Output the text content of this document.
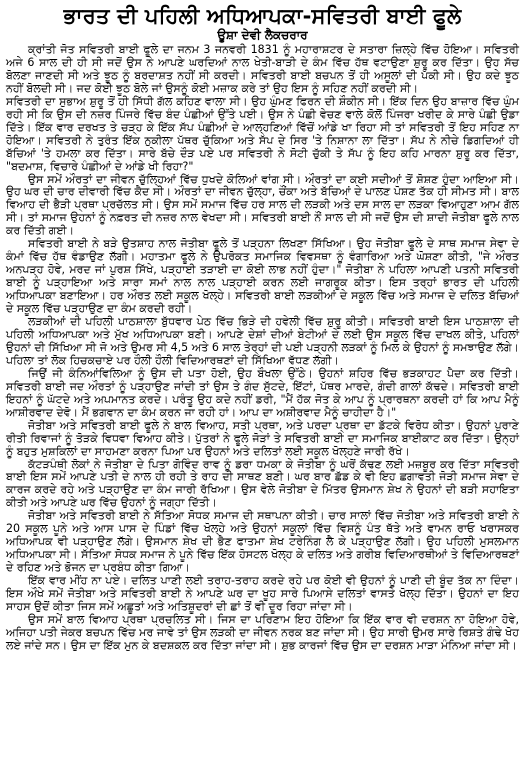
ਭਾਰਤ ਦੀ ਪਹਿਲੀ ਅਧਿਆਪਕਾ-ਸਵਿਤਰੀ ਬਾਈ ਫੂਲੇ
ਊਸ਼ਾ ਦੇਵੀ ਲੈਕਚਰਾਰ

ਕ੍ਰਾਂਤੀ ਜੋਤ ਸਵਿਤਰੀ ਬਾਈ ਫੂਲੇ ਦਾ ਜਨਮ 3 ਜਨਵਰੀ 1831 ਨੂੰ ਮਹਾਰਾਸ਼ਟਰ ਦੇ ਸਤਾਰਾ ਜ਼ਿਲ੍ਹੇ ਵਿੱਚ ਹੋਇਆ। ਸਵਿਤਰੀ ਅਜੇ 6 ਸਾਲ ਦੀ ਹੀ ਸੀ ਜਦੋਂ ਉਸ ਨੇ ਆਪਣੇ ਘਰਦਿਆਂ ਨਾਲ ਖੇਤੀ-ਬਾੜੀ ਦੇ ਕੰਮ ਵਿੱਚ ਹੱਥ ਵਟਾਉਣਾ ਸ਼ੁਰੂ ਕਰ ਦਿੱਤਾ। ਉਹ ਸੱਚ ਬੋਲਣਾ ਜਾਣਦੀ ਸੀ ਅਤੇ ਝੂਠ ਨੂੰ ਬਰਦਾਸ਼ਤ ਨਹੀਂ ਸੀ ਕਰਦੀ। ਸਵਿਤਰੀ ਬਾਈ ਬਚਪਨ ਤੋਂ ਹੀ ਅਸੂਲਾਂ ਦੀ ਪੱਕੀ ਸੀ। ਉਹ ਕਦੇ ਝੂਠ ਨਹੀਂ ਬੋਲਦੀ ਸੀ। ਜਦ ਕੋਈ ਝੂਠ ਬੋਲੇ ਜਾਂ ਉਸਨੂੰ ਕੋਈ ਮਜ਼ਾਕ ਕਰੇ ਤਾਂ ਉਹ ਇਸ ਨੂੰ ਸਹਿਣ ਨਹੀਂ ਕਰਦੀ ਸੀ।

ਸਵਿਤਰੀ ਦਾ ਸੁਭਾਅ ਸ਼ੁਰੂ ਤੋਂ ਹੀ ਸਿੱਧੀ ਗੱਲ ਕਹਿਣ ਵਾਲਾ ਸੀ। ਉਹ ਘੁੰਮਣ ਫਿਰਨ ਦੀ ਸ਼ੌਕੀਨ ਸੀ। ਇੱਕ ਦਿਨ ਉਹ ਬਾਜ਼ਾਰ ਵਿੱਚ ਘੁੰਮ ਰਹੀ ਸੀ ਕਿ ਉਸ ਦੀ ਨਜ਼ਰ ਪਿੰਜਰੇ ਵਿੱਚ ਬੰਦ ਪੰਛੀਆਂ ਉੱਤੇ ਪਈ। ਉਸ ਨੇ ਪੰਛੀ ਵੇਚਣ ਵਾਲੇ ਕੋਲੋਂ ਪਿੰਜਰਾ ਖਰੀਦ ਕੇ ਸਾਰੇ ਪੰਛੀ ਉਡਾ ਦਿੱਤੇ। ਇੱਕ ਵਾਰ ਦਰਖਤ ਤੇ ਚੜ੍ਹ ਕੇ ਇੱਕ ਸੱਪ ਪੰਛੀਆਂ ਦੇ ਆਲ੍ਹਣਿਆਂ ਵਿੱਚੋਂ ਆਂਡੇ ਖਾ ਰਿਹਾ ਸੀ ਤਾਂ ਸਵਿਤਰੀ ਤੋਂ ਇਹ ਸਹਿਣ ਨਾ ਹੋਇਆ। ਸਵਿਤਰੀ ਨੇ ਤੁਰੰਤ ਇੱਕ ਨੁਕੀਲਾ ਪੱਥਰ ਚੁੱਕਿਆ ਅਤੇ ਸੱਪ ਦੇ ਸਿਰ 'ਤੇ ਨਿਸ਼ਾਨਾ ਲਾ ਦਿੱਤਾ। ਸੱਪ ਨੇ ਨੀਚੇ ਡਿਗਦਿਆਂ ਹੀ ਬੱਚਿਆਂ 'ਤੇ ਹਮਲਾ ਕਰ ਦਿੱਤਾ। ਸਾਰੇ ਬੱਚੇ ਦੌੜ ਪਏ ਪਰ ਸਵਿਤਰੀ ਨੇ ਸੋਟੀ ਚੁੱਕੀ ਤੇ ਸੱਪ ਨੂੰ ਇਹ ਕਹਿ ਮਾਰਨਾ ਸ਼ੁਰੂ ਕਰ ਦਿੱਤਾ, "ਬਦਮਾਸ਼, ਵਿਚਾਰੇ ਪੰਛੀਆਂ ਦੇ ਆਂਡੇ ਖੀ ਰਿਹਾ?"

ਉਸ ਸਮੇਂ ਔਰਤਾਂ ਦਾ ਜੀਵਨ ਚੁੱਲ੍ਹਿਆਂ ਵਿੱਚ ਧੁਖਦੇ ਕੋਲਿਆਂ ਵਾਂਗ ਸੀ। ਔਰਤਾਂ ਦਾ ਕਈ ਸਦੀਆਂ ਤੋਂ ਸ਼ੋਸ਼ਣ ਹੁੰਦਾ ਆਇਆ ਸੀ। ਉਹ ਘਰ ਦੀ ਚਾਰ ਦੀਵਾਰੀ ਵਿੱਚ ਕੈਦ ਸੀ। ਔਰਤਾਂ ਦਾ ਜੀਵਨ ਚੁੱਲ੍ਹਾ, ਚੌਂਕਾ ਅਤੇ ਬੱਚਿਆਂ ਦੇ ਪਾਲਣ ਪੋਸ਼ਣ ਤੱਕ ਹੀ ਸੀਮਤ ਸੀ। ਬਾਲ ਵਿਆਹ ਦੀ ਭੈੜੀ ਪ੍ਰਥਾ ਪ੍ਰਚੱਲਤ ਸੀ। ਉਸ ਸਮੇਂ ਸਮਾਜ ਵਿੱਚ ਹਰ ਸਾਲ ਦੀ ਲੜਕੀ ਅਤੇ ਦਸ ਸਾਲ ਦਾ ਲੜਕਾ ਵਿਆਹੁਣਾ ਆਮ ਗੱਲ ਸੀ। ਤਾਂ ਸਮਾਜ ਉਹਨਾਂ ਨੂੰ ਨਫ਼ਰਤ ਦੀ ਨਜ਼ਰ ਨਾਲ ਵੇਖਦਾ ਸੀ। ਸਵਿਤਰੀ ਬਾਈ ਨੌਂ ਸਾਲ ਦੀ ਸੀ ਜਦੋਂ ਉਸ ਦੀ ਸ਼ਾਦੀ ਜੋਤੀਬਾ ਫੂਲੇ ਨਾਲ ਕਰ ਦਿੱਤੀ ਗਈ।

ਸਵਿਤਰੀ ਬਾਈ ਨੇ ਬੜੇ ਉਤਸ਼ਾਹ ਨਾਲ ਜੋਤੀਬਾ ਫੂਲੇ ਤੋਂ ਪੜ੍ਹਨਾ ਲਿਖਣਾ ਸਿੱਖਿਆ। ਉਹ ਜੋਤੀਬਾ ਫੂਲੇ ਦੇ ਸਾਥ ਸਮਾਜ ਸੇਵਾ ਦੇ ਕੰਮਾਂ ਵਿੱਚ ਹੱਥ ਵੰਡਾਉਣ ਲੱਗੀ। ਮਹਾਤਮਾ ਫੂਲੇ ਨੇ ਉਪਰੋਕਤ ਸਮਾਜਿਕ ਵਿਵਸਥਾ ਨੂੰ ਵੰਗਾਰਿਆ ਅਤੇ ਘੋਸ਼ਣਾ ਕੀਤੀ, "ਜੇ ਔਰਤ ਅਨਪੜ੍ਹ ਹੋਵੇ, ਮਰਦ ਜਾਂ ਪੁਰਸ਼ ਸਿੱਖੇ, ਪੜ੍ਹਾਈ ਤੜਾਈ ਦਾ ਕੋਈ ਲਾਭ ਨਹੀਂ ਹੁੰਦਾ।" ਜੋਤੀਬਾ ਨੇ ਪਹਿਲਾ ਆਪਣੀ ਪਤਨੀ ਸਵਿਤਰੀ ਬਾਈ ਨੂੰ ਪੜ੍ਹਾਇਆ ਅਤੇ ਸਾਰਾ ਸਮਾਂ ਨਾਲ ਨਾਲ ਪੜ੍ਹਾਈ ਕਰਨ ਲਈ ਜਾਗਰੂਕ ਕੀਤਾ। ਇਸ ਤਰ੍ਹਾਂ ਭਾਰਤ ਦੀ ਪਹਿਲੀ ਅਧਿਆਪਕਾ ਬਣਾਇਆ। ਹਰ ਔਰਤ ਲਈ ਸਕੂਲ ਖੋਲ੍ਹੇ। ਸਵਿਤਰੀ ਬਾਈ ਲੜਕੀਆਂ ਦੇ ਸਕੂਲ ਵਿੱਚ ਅਤੇ ਸਮਾਜ ਦੇ ਦਲਿਤ ਬੱਚਿਆਂ ਦੇ ਸਕੂਲ ਵਿੱਚ ਪੜ੍ਹਾਉਣ ਦਾ ਕੰਮ ਕਰਦੀ ਰਹੀ।

ਲੜਕੀਆਂ ਦੀ ਪਹਿਲੀ ਪਾਠਸ਼ਾਲਾ ਬੁੱਧਵਾਰ ਪੇਠ ਵਿੱਚ ਭਿੜੇ ਦੀ ਹਵੇਲੀ ਵਿੱਚ ਸ਼ੁਰੂ ਕੀਤੀ। ਸਵਿਤਰੀ ਬਾਈ ਇਸ ਪਾਠਸ਼ਾਲਾ ਦੀ ਪਹਿਲੀ ਅਧਿਆਪਕਾ ਅਤੇ ਮੁੱਖ ਅਧਿਆਪਕਾ ਬਣੀ। ਆਪਣੇ ਦੇਸ਼ਾਂ ਦੀਆਂ ਬੇਟੀਆਂ ਦੇ ਲਈ ਉਸ ਸਕੂਲ ਵਿੱਚ ਦਾਖਲ ਕੀਤੇ, ਪਹਿਲਾਂ ਉਹਨਾਂ ਦੀ ਸਿੱਖਿਆ ਸੀ ਜੋ ਅਤੇ ਉਮਰ ਸੀ 4,5 ਅਤੇ 6 ਸਾਲ ਤੇਰ੍ਹਾਂ ਦੀ ਪਈ ਪੜ੍ਹਨੀ ਲੜਕਾਂ ਨੂੰ ਮਿਲ ਕੇ ਉਹਨਾਂ ਨੂੰ ਸਮਝਾਉਣ ਲੱਗੇ। ਪਹਿਲਾ ਤਾਂ ਲੋਕ ਹਿਚਕਚਾਏ ਪਰ ਹੌਲੀ ਹੌਲੀ ਵਿਦਿਆਰਥਣਾਂ ਦੀ ਸਿੱਖਿਆ ਵੱਧਣ ਲੱਗੀ।

ਜਿਉਂ ਜੀ ਕੰਨਿਆਂਵਿਲਿਆ ਨੂੰ ਉਸ ਦੀ ਪਤਾ ਹੋਈ, ਉਹ ਬੌਖਲਾ ਉੱਠੇ। ਉਹਨਾਂ ਸ਼ਹਿਰ ਵਿੱਚ ਭੜਕਾਹਟ ਪੈਦਾ ਕਰ ਦਿੱਤੀ। ਸਵਿਤਰੀ ਬਾਈ ਜਦ ਔਰਤਾਂ ਨੂੰ ਪੜ੍ਹਾਉਣ ਜਾਂਦੀ ਤਾਂ ਉਸ ਤੇ ਗੰਦ ਸੁੱਟਦੇ, ਇੱਟਾਂ, ਪੱਥਰ ਮਾਰਦੇ, ਗੰਦੀ ਗਾਲਾਂ ਕੱਢਦੇ। ਸਵਿਤਰੀ ਬਾਈ ਇਹਨਾਂ ਨੂੰ ਘੱਟਦੇ ਅਤੇ ਅਪਮਾਨਤ ਕਰਦੇ। ਪਰੰਤੂ ਉਹ ਕਦੇ ਨਹੀਂ ਡਰੀ, "ਮੈਂ ਹੱਕ ਜੋਤ ਕੇ ਆਪ ਨੂੰ ਪ੍ਰਾਰਥਨਾ ਕਰਦੀ ਹਾਂ ਕਿ ਆਪ ਮੈਨੂੰ ਆਸ਼ੀਰਵਾਦ ਦੇਵੋ। ਮੈਂ ਭਗਵਾਨ ਦਾ ਕੰਮ ਕਰਨ ਜਾ ਰਹੀ ਹਾਂ। ਆਪ ਦਾ ਅਸ਼ੀਰਵਾਦ ਮੈਨੂੰ ਚਾਹੀਦਾ ਹੈ।"

ਜੋਤੀਬਾ ਅਤੇ ਸਵਿਤਰੀ ਬਾਈ ਫੂਲੇ ਨੇ ਬਾਲ ਵਿਆਹ, ਸਤੀ ਪ੍ਰਥਾ, ਅਤੇ ਪਰਦਾ ਪ੍ਰਥਾ ਦਾ ਡੱਟਕੇ ਵਿਰੋਧ ਕੀਤਾ। ਉਹਨਾਂ ਪੁਰਾਣੇ ਰੀਤੀ ਰਿਵਾਜਾਂ ਨੂੰ ਤੋੜਕੇ ਵਿਧਵਾ ਵਿਆਹ ਕੀਤੇ। ਪੁੱਤਰਾਂ ਨੇ ਫੂਲੇ ਜੋੜਾਂ ਤੇ ਸਵਿਤਰੀ ਬਾਈ ਦਾ ਸਮਾਜਿਕ ਬਾਈਕਾਟ ਕਰ ਦਿੱਤਾ। ਉਨ੍ਹਾਂ ਨੂੰ ਬਹੁਤ ਮੁਸ਼ਕਿਲਾਂ ਦਾ ਸਾਹਮਣਾ ਕਰਨਾ ਪਿਆ ਪਰ ਉਹਨਾਂ ਅਤੇ ਦਲਿਤਾਂ ਲਈ ਸਕੂਲ ਖੋਲ੍ਹਣੇ ਜਾਰੀ ਰੱਖੇ।

ਕੱਟੜਪੰਥੀ ਲੋਕਾਂ ਨੇ ਜੋਤੀਬਾ ਦੇ ਪਿਤਾ ਗੋਵਿੰਦ ਰਾਵ ਨੂੰ ਡਰਾ ਧਮਕਾ ਕੇ ਜੋਤੀਬਾ ਨੂੰ ਘਰੋਂ ਕੱਢਣ ਲਈ ਮਜ਼ਬੂਰ ਕਰ ਦਿੱਤਾ ਸਵਿਤਰੀ ਬਾਈ ਇਸ ਸਮੇਂ ਆਪਣੇ ਪਤੀ ਦੇ ਨਾਲ ਹੀ ਰਹੀ ਤੇ ਰਾਹ ਦੀ ਸਾਥਣ ਬਣੀ। ਘਰ ਬਾਰ ਛੱਡ ਕੇ ਵੀ ਇਹ ਛਗਾਵਤੀ ਜੋੜੀ ਸਮਾਜ ਸੇਵਾ ਦੇ ਕਾਰਜ ਕਰਦੇ ਰਹੇ ਅਤੇ ਪੜ੍ਹਾਉਣ ਦਾ ਕੰਮ ਜਾਰੀ ਰੱਖਿਆ। ਉਸ ਵੇਲੇ ਜੋਤੀਬਾ ਦੇ ਮਿੱਤਰ ਉਸਮਾਨ ਸ਼ੇਖ ਨੇ ਉਹਨਾਂ ਦੀ ਬੜੀ ਸਹਾਇਤਾ ਕੀਤੀ ਅਤੇ ਆਪਣੇ ਘਰ ਵਿੱਚ ਉਹਨਾਂ ਨੂੰ ਜਗ੍ਹਾ ਦਿੱਤੀ।

ਜੋਤੀਬਾ ਅਤੇ ਸਵਿਤਰੀ ਬਾਈ ਨੇ ਸੱਤਿਆ ਸੋਧਕ ਸਮਾਜ ਦੀ ਸਥਾਪਨਾ ਕੀਤੀ। ਚਾਰ ਸਾਲਾਂ ਵਿੱਚ ਜੋਤੀਬਾ ਅਤੇ ਸਵਿਤਰੀ ਬਾਈ ਨੇ 20 ਸਕੂਲ ਪੂਨੇ ਅਤੇ ਆਸ ਪਾਸ ਦੇ ਪਿੰਡਾਂ ਵਿੱਚ ਖੋਲ੍ਹੇ ਅਤੇ ਉਹਨਾਂ ਸਕੂਲਾਂ ਵਿੱਚ ਵਿਸ਼ਨੂੰ ਪੰਤ ਥੱਤੇ ਅਤੇ ਵਾਮਨ ਰਾਓ ਖਰਾਸਕਰ ਅਧਿਆਪਕ ਵੀ ਪੜ੍ਹਾਉਣ ਲੱਗੇ। ਉਸਮਾਨ ਸ਼ੇਖ ਦੀ ਭੈਣ ਫਾਤਮਾ ਸ਼ੇਖ ਟਰੇਨਿੰਗ ਲੈ ਕੇ ਪੜ੍ਹਾਉਣ ਲੱਗੀ। ਉਹ ਪਹਿਲੀ ਮੁਸਲਮਾਨ ਅਧਿਆਪਕਾ ਸੀ। ਸੱਤਿਆ ਸੋਧਕ ਸਮਾਜ ਨੇ ਪੂਨੇ ਵਿੱਚ ਇੱਕ ਹੋਸਟਲ ਖੋਲ੍ਹ ਕੇ ਦਲਿਤ ਅਤੇ ਗਰੀਬ ਵਿਦਿਆਰਥੀਆਂ ਤੇ ਵਿਦਿਆਰਥਣਾਂ ਦੇ ਰਹਿਣ ਅਤੇ ਭੋਜਨ ਦਾ ਪ੍ਰਬੰਧ ਕੀਤਾ ਗਿਆ।

ਇੱਕ ਵਾਰ ਮੀਂਹ ਨਾ ਪਏ। ਦਲਿਤ ਪਾਣੀ ਲਈ ਤਰਾਹ-ਤਰਾਹ ਕਰਦੇ ਰਹੇ ਪਰ ਕੋਈ ਵੀ ਉਹਨਾਂ ਨੂੰ ਪਾਣੀ ਦੀ ਬੂੰਦ ਤੱਕ ਨਾ ਦਿੰਦਾ। ਇਸ ਔਖੇ ਸਮੇਂ ਜੋਤੀਬਾ ਅਤੇ ਸਵਿਤਰੀ ਬਾਈ ਨੇ ਆਪਣੇ ਘਰ ਦਾ ਖੂਹ ਸਾਰੇ ਪਿਆਸੇ ਦਲਿਤਾਂ ਵਾਸਤੇ ਖੋਲ੍ਹ ਦਿੱਤਾ। ਉਹਨਾਂ ਦਾ ਇਹ ਸਾਹਸ ਉਦੋਂ ਕੀਤਾ ਜਿਸ ਸਮੇਂ ਅਛੂਤਾਂ ਅਤੇ ਅਤਿਸ਼ੂਦਰਾਂ ਦੀ ਛਾਂ ਤੋਂ ਵੀ ਦੂਰ ਰਿਹਾ ਜਾਂਦਾ ਸੀ।

ਉਸ ਸਮੇਂ ਬਾਲ ਵਿਆਹ ਪ੍ਰਥਾ ਪ੍ਰਚਲਿਤ ਸੀ। ਜਿਸ ਦਾ ਪਰਿਣਾਮ ਇਹ ਹੋਇਆ ਕਿ ਇੱਕ ਵਾਰ ਵੀ ਦਰਸ਼ਨ ਨਾ ਹੋਇਆ ਹੋਵੇ, ਅਜਿਹਾ ਪਤੀ ਜੇਕਰ ਬਚਪਨ ਵਿੱਚ ਮਰ ਜਾਵੇ ਤਾਂ ਉਸ ਲੜਕੀ ਦਾ ਜੀਵਨ ਨਰਕ ਬਣ ਜਾਂਦਾ ਸੀ। ਉਹ ਸਾਰੀ ਉਮਰ ਸਾਰੇ ਰਿਸ਼ਤੇ ਗੰਢੇ ਖੋਹ ਲਏ ਜਾਂਦੇ ਸਨ। ਉਸ ਦਾ ਇੱਕ ਮੁਨ ਕੇ ਬਦਸ਼ਕਲ ਕਰ ਦਿੱਤਾ ਜਾਂਦਾ ਸੀ। ਸ਼ੁਭ ਕਾਰਜਾਂ ਵਿੱਚ ਉਸ ਦਾ ਦਰਸ਼ਨ ਮਾੜਾ ਮੰਨਿਆ ਜਾਂਦਾ ਸੀ।
